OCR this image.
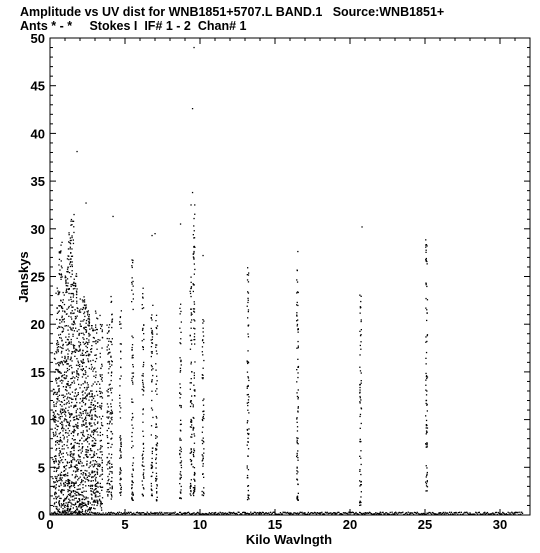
Amplitude vs UV dist for WNB1851+5707.L BAND.1   Source:WNB1851+
Ants * - *     Stokes I  IF# 1 - 2  Chan# 1
0	5	10	15	20	25	30
0
5
10
15
20
25
30
35
40
45
50
Kilo Wavlngth
Janskys
